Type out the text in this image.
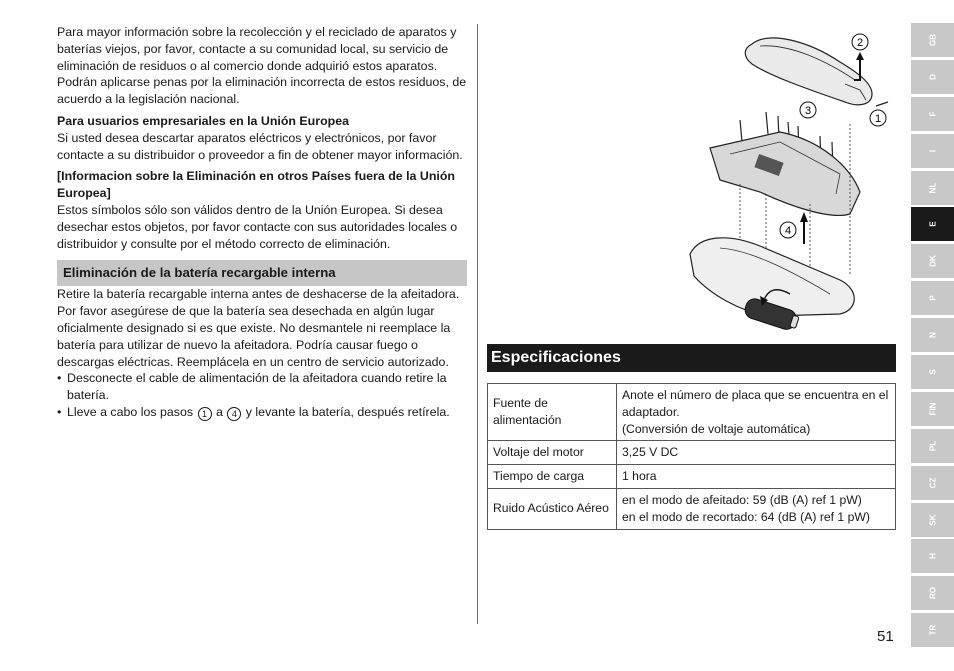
Para mayor información sobre la recolección y el reciclado de aparatos y baterías viejos, por favor, contacte a su comunidad local, su servicio de eliminación de residuos o al comercio donde adquirió estos aparatos.

Podrán aplicarse penas por la eliminación incorrecta de estos residuos, de acuerdo a la legislación nacional.

Para usuarios empresariales en la Unión Europea

Si usted desea descartar aparatos eléctricos y electrónicos, por favor contacte a su distribuidor o proveedor a fin de obtener mayor información.

[Informacion sobre la Eliminación en otros Países fuera de la Unión Europea]

Estos símbolos sólo son válidos dentro de la Unión Europea. Si desea desechar estos objetos, por favor contacte con sus autoridades locales o distribuidor y consulte por el método correcto de eliminación.

Eliminación de la batería recargable interna

Retire la batería recargable interna antes de deshacerse de la afeitadora. Por favor asegúrese de que la batería sea desechada en algún lugar oficialmente designado si es que existe. No desmantele ni reemplace la batería para utilizar de nuevo la afeitadora. Podría causar fuego o descargas eléctricas. Reemplácela en un centro de servicio autorizado.

• Desconecte el cable de alimentación de la afeitadora cuando retire la batería.
• Lleve a cabo los pasos 1 a 4 y levante la batería, después retírela.
2
1
3
4
Especificaciones
Fuente de alimentación	Anote el número de placa que se encuentra en el adaptador.
(Conversión de voltaje automática)

Voltaje del motor	3,25 V DC

Tiempo de carga	1 hora

Ruido Acústico Aéreo	en el modo de afeitado: 59 (dB (A) ref 1 pW)
en el modo de recortado: 64 (dB (A) ref 1 pW)
51
GB
D
F
I
NL
E
DK
P
N
S
FIN
PL
CZ
SK
H
RO
TR
